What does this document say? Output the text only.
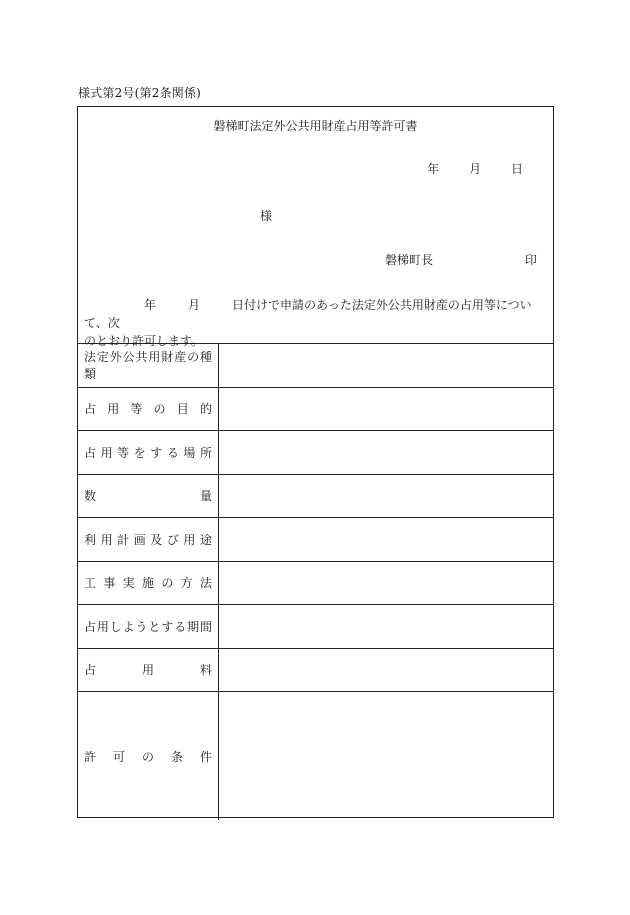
様式第2号(第2条関係)
磐梯町法定外公共用財産占用等許可書
年 月 日
様
磐梯町長	印
年	月	日付けで申請のあった法定外公共用財産の占用等について、次
のとおり許可します。
法定外公共用財産の種類
占用等の目的
占用等をする場所
数量
利用計画及び用途
工事実施の方法
占用しようとする期間
占用料
許可の条件
